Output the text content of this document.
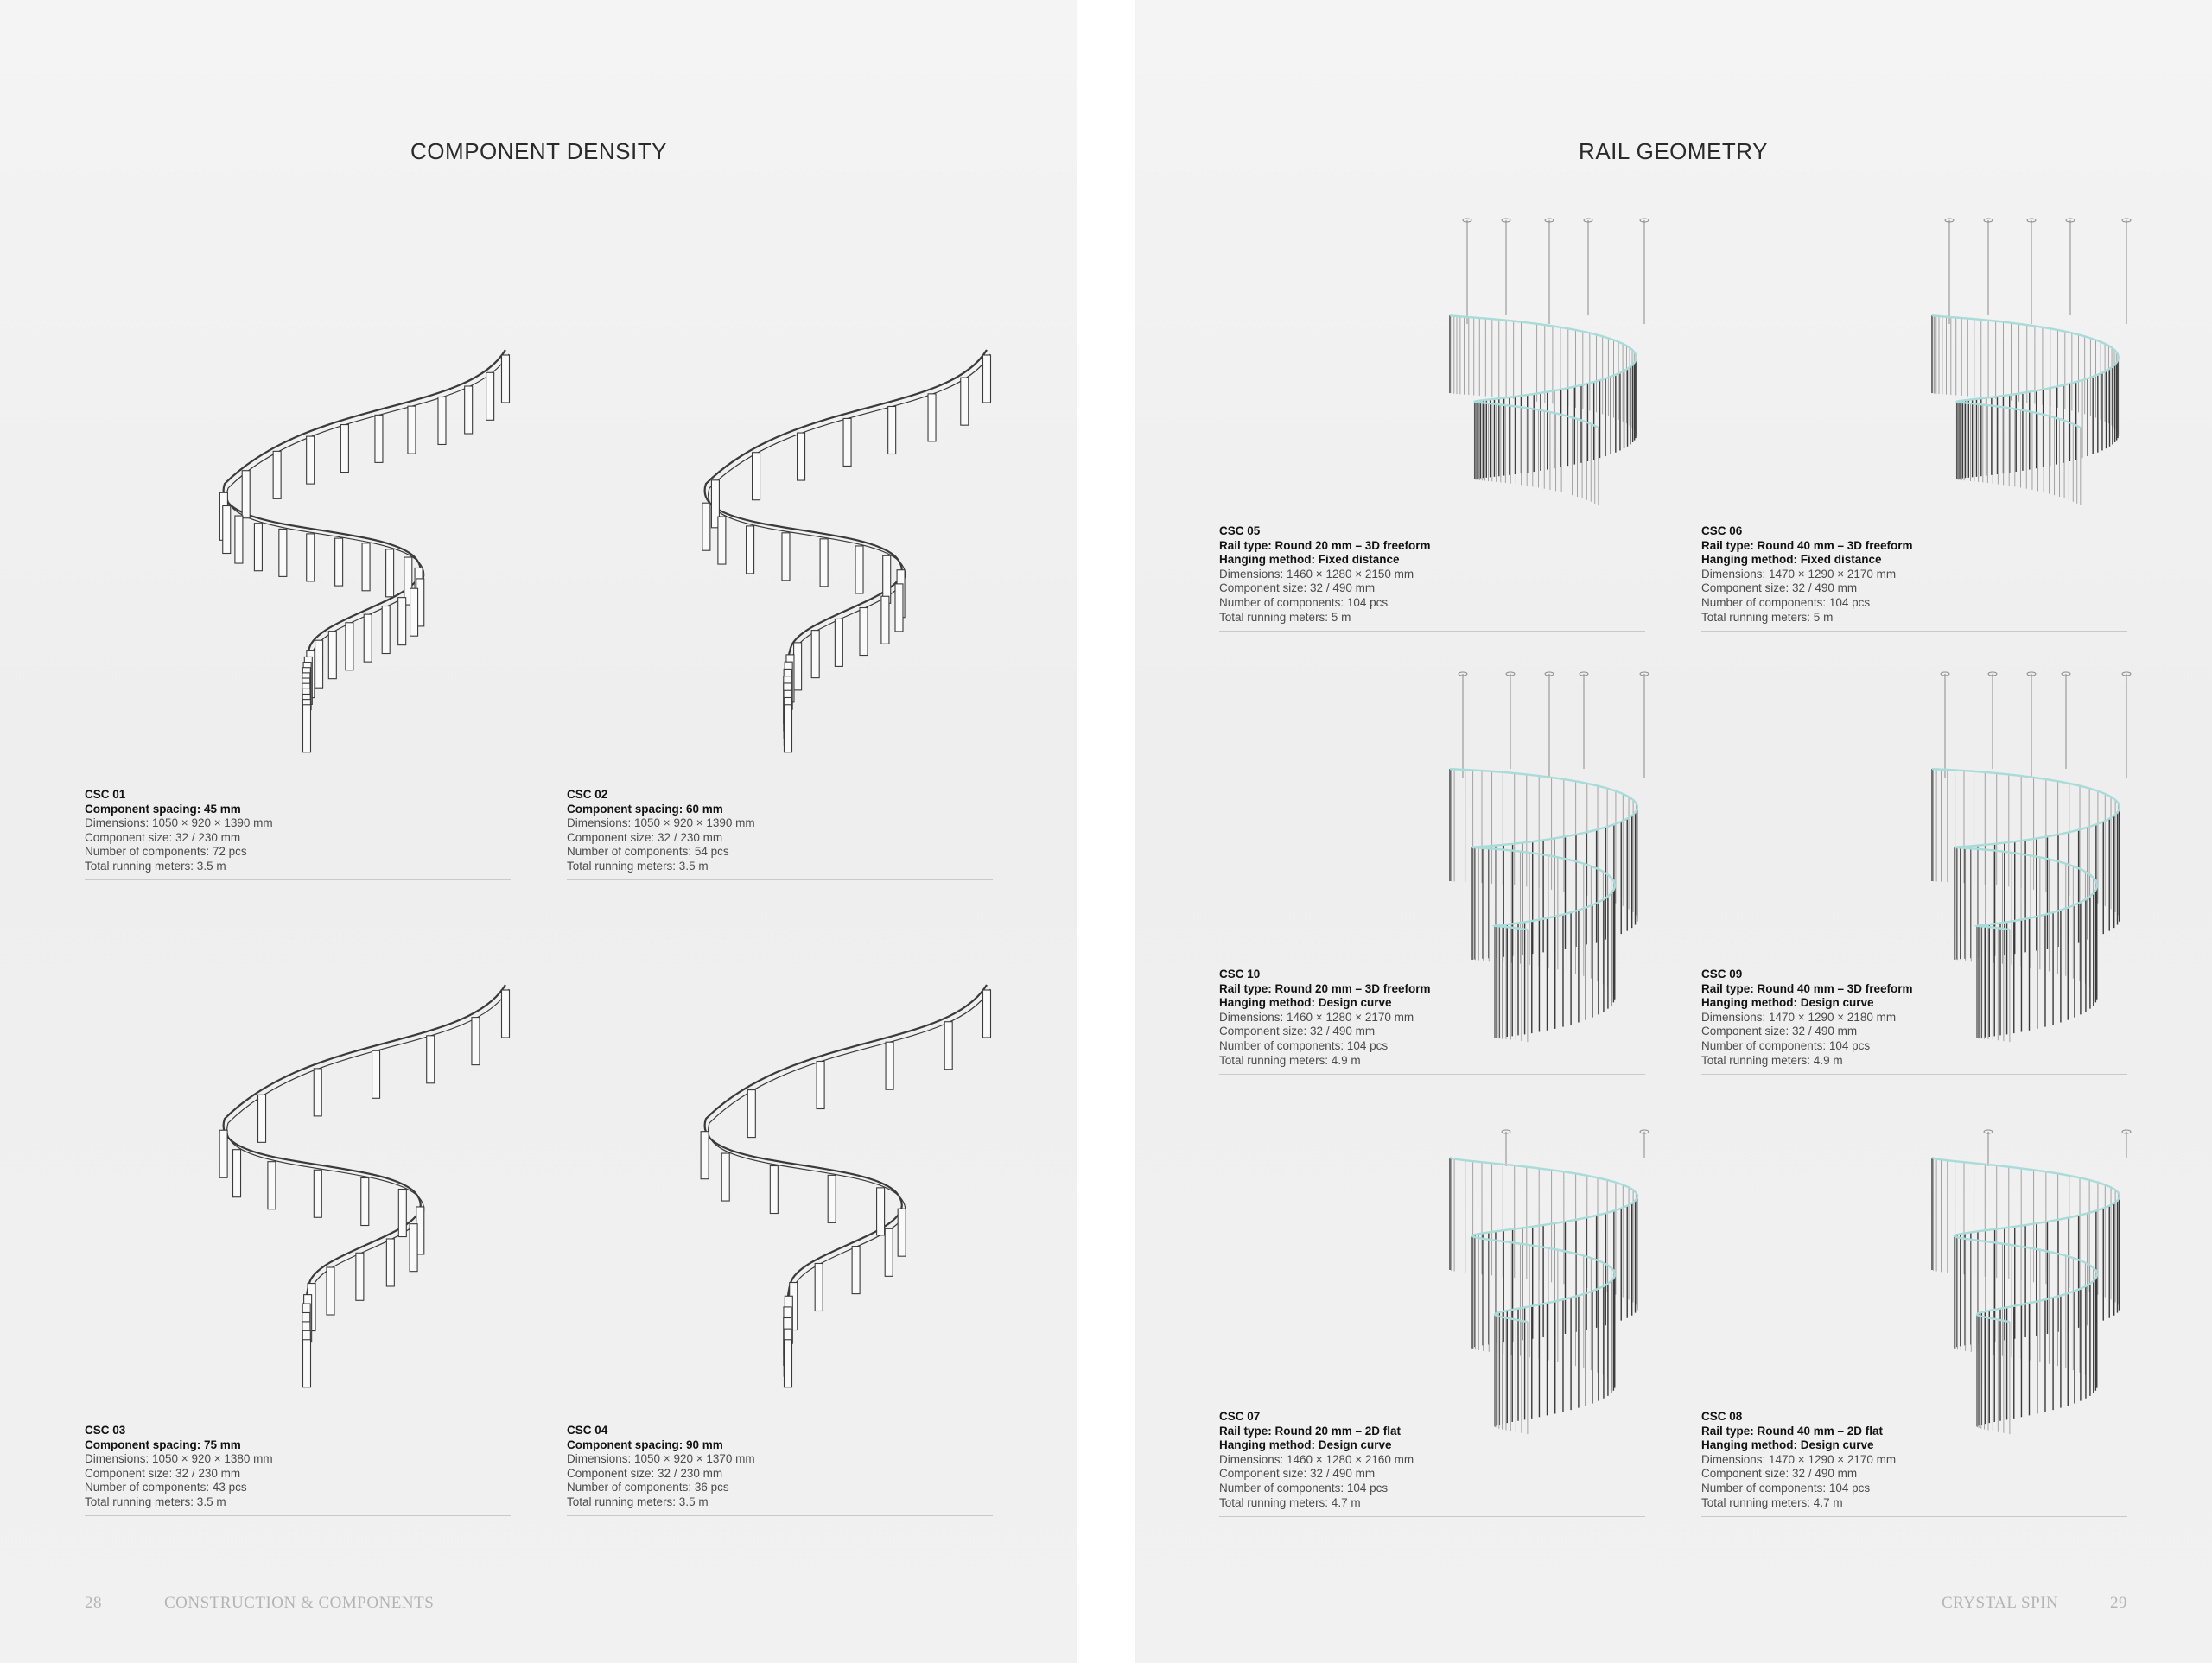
COMPONENT DENSITY
CSC 01
Component spacing: 45 mm
Dimensions: 1050 × 920 × 1390 mm
Component size: 32 / 230 mm
Number of components: 72 pcs
Total running meters: 3.5 m
CSC 02
Component spacing: 60 mm
Dimensions: 1050 × 920 × 1390 mm
Component size: 32 / 230 mm
Number of components: 54 pcs
Total running meters: 3.5 m
CSC 03
Component spacing: 75 mm
Dimensions: 1050 × 920 × 1380 mm
Component size: 32 / 230 mm
Number of components: 43 pcs
Total running meters: 3.5 m
CSC 04
Component spacing: 90 mm
Dimensions: 1050 × 920 × 1370 mm
Component size: 32 / 230 mm
Number of components: 36 pcs
Total running meters: 3.5 m
28	CONSTRUCTION & COMPONENTS
RAIL GEOMETRY
CSC 05
Rail type: Round 20 mm – 3D freeform
Hanging method: Fixed distance
Dimensions: 1460 × 1280 × 2150 mm
Component size: 32 / 490 mm
Number of components: 104 pcs
Total running meters: 5 m
CSC 06
Rail type: Round 40 mm – 3D freeform
Hanging method: Fixed distance
Dimensions: 1470 × 1290 × 2170 mm
Component size: 32 / 490 mm
Number of components: 104 pcs
Total running meters: 5 m
CSC 10
Rail type: Round 20 mm – 3D freeform
Hanging method: Design curve
Dimensions: 1460 × 1280 × 2170 mm
Component size: 32 / 490 mm
Number of components: 104 pcs
Total running meters: 4.9 m
CSC 09
Rail type: Round 40 mm – 3D freeform
Hanging method: Design curve
Dimensions: 1470 × 1290 × 2180 mm
Component size: 32 / 490 mm
Number of components: 104 pcs
Total running meters: 4.9 m
CSC 07
Rail type: Round 20 mm – 2D flat
Hanging method: Design curve
Dimensions: 1460 × 1280 × 2160 mm
Component size: 32 / 490 mm
Number of components: 104 pcs
Total running meters: 4.7 m
CSC 08
Rail type: Round 40 mm – 2D flat
Hanging method: Design curve
Dimensions: 1470 × 1290 × 2170 mm
Component size: 32 / 490 mm
Number of components: 104 pcs
Total running meters: 4.7 m
CRYSTAL SPIN	29
